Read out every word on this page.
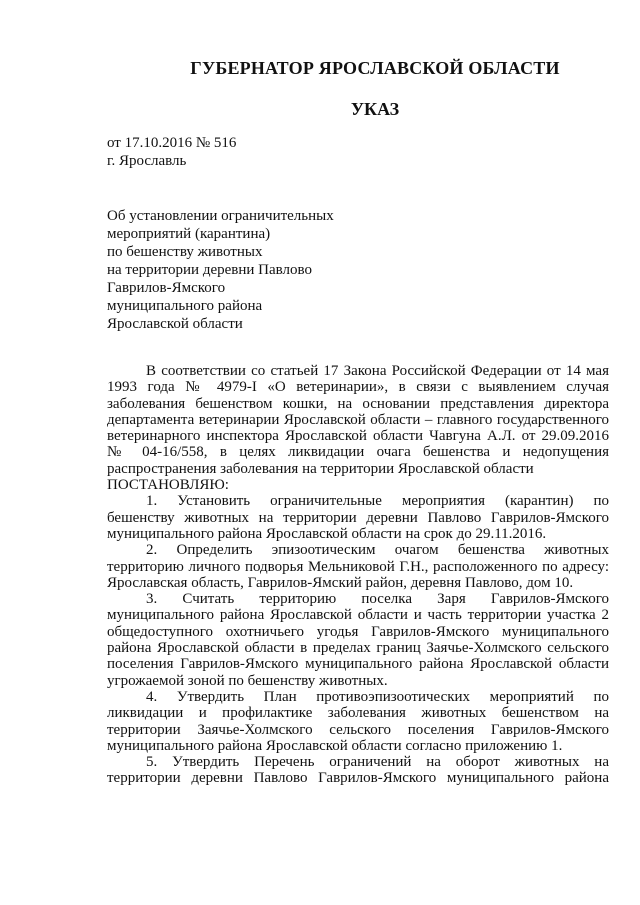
ГУБЕРНАТОР ЯРОСЛАВСКОЙ ОБЛАСТИ
УКАЗ
от 17.10.2016 № 516
г. Ярославль
Об установлении ограничительных
мероприятий (карантина)
по бешенству животных
на территории деревни Павлово
Гаврилов-Ямского
муниципального района
Ярославской области
В соответствии со статьей 17 Закона Российской Федерации от 14 мая
1993 года № 4979-I «О ветеринарии», в связи с выявлением случая
заболевания бешенством кошки, на основании представления директора
департамента ветеринарии Ярославской области – главного государственного
ветеринарного инспектора Ярославской области Чавгуна А.Л. от 29.09.2016
№ 04-16/558, в целях ликвидации очага бешенства и недопущения
распространения заболевания на территории Ярославской области
ПОСТАНОВЛЯЮ:
1. Установить ограничительные мероприятия (карантин) по
бешенству животных на территории деревни Павлово Гаврилов-Ямского
муниципального района Ярославской области на срок до 29.11.2016.
2. Определить эпизоотическим очагом бешенства животных
территорию личного подворья Мельниковой Г.Н., расположенного по адресу:
Ярославская область, Гаврилов-Ямский район, деревня Павлово, дом 10.
3. Считать территорию поселка Заря Гаврилов-Ямского
муниципального района Ярославской области и часть территории участка 2
общедоступного охотничьего угодья Гаврилов-Ямского муниципального
района Ярославской области в пределах границ Заячье-Холмского сельского
поселения Гаврилов-Ямского муниципального района Ярославской области
угрожаемой зоной по бешенству животных.
4. Утвердить План противоэпизоотических мероприятий по
ликвидации и профилактике заболевания животных бешенством на
территории Заячье-Холмского сельского поселения Гаврилов-Ямского
муниципального района Ярославской области согласно приложению 1.
5. Утвердить Перечень ограничений на оборот животных на
территории деревни Павлово Гаврилов-Ямского муниципального района
